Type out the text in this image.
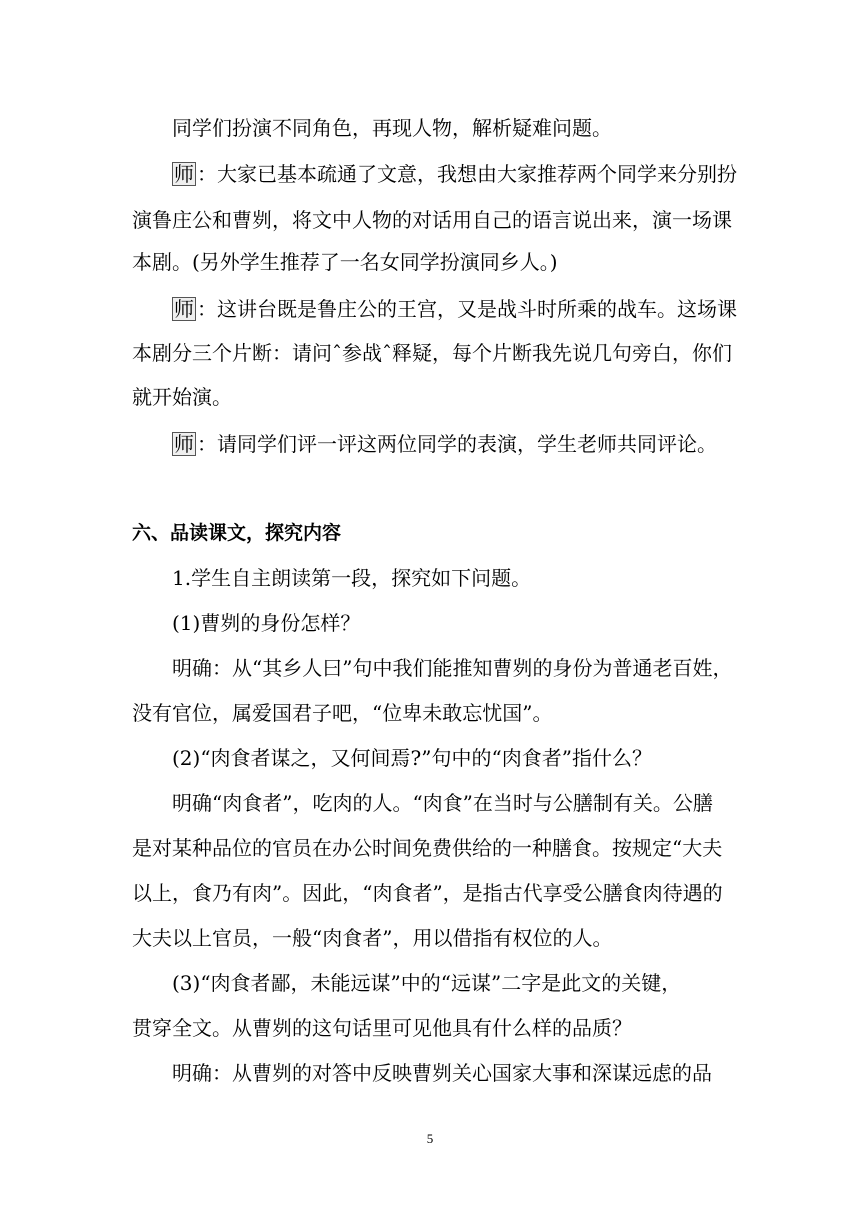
同学们扮演不同角色，再现人物，解析疑难问题。
师 ：大家已基本疏通了文意，我想由大家推荐两个同学来分别扮
演鲁庄公和曹刿，将文中人物的对话用自己的语言说出来，演一场课
本剧。(另外学生推荐了一名女同学扮演同乡人。)
师 ：这讲台既是鲁庄公的王宫，又是战斗时所乘的战车。这场课
本剧分三个片断：请问ˆ参战ˆ释疑，每个片断我先说几句旁白，你们
就开始演。
师 ：请同学们评一评这两位同学的表演，学生老师共同评论。
六、品读课文，探究内容
1.学生自主朗读第一段，探究如下问题。
(1)曹刿的身份怎样？
明确：从“其乡人曰”句中我们能推知曹刿的身份为普通老百姓，
没有官位，属爱国君子吧，“位卑未敢忘忧国”。
(2)“肉食者谋之，又何间焉?”句中的“肉食者”指什么？
明确“肉食者”，吃肉的人。“肉食”在当时与公膳制有关。公膳
是对某种品位的官员在办公时间免费供给的一种膳食。按规定“大夫
以上，食乃有肉”。因此，“肉食者”，是指古代享受公膳食肉待遇的
大夫以上官员，一般“肉食者”，用以借指有权位的人。
(3)“肉食者鄙，未能远谋”中的“远谋”二字是此文的关键，
贯穿全文。从曹刿的这句话里可见他具有什么样的品质？
明确：从曹刿的对答中反映曹刿关心国家大事和深谋远虑的品
5
